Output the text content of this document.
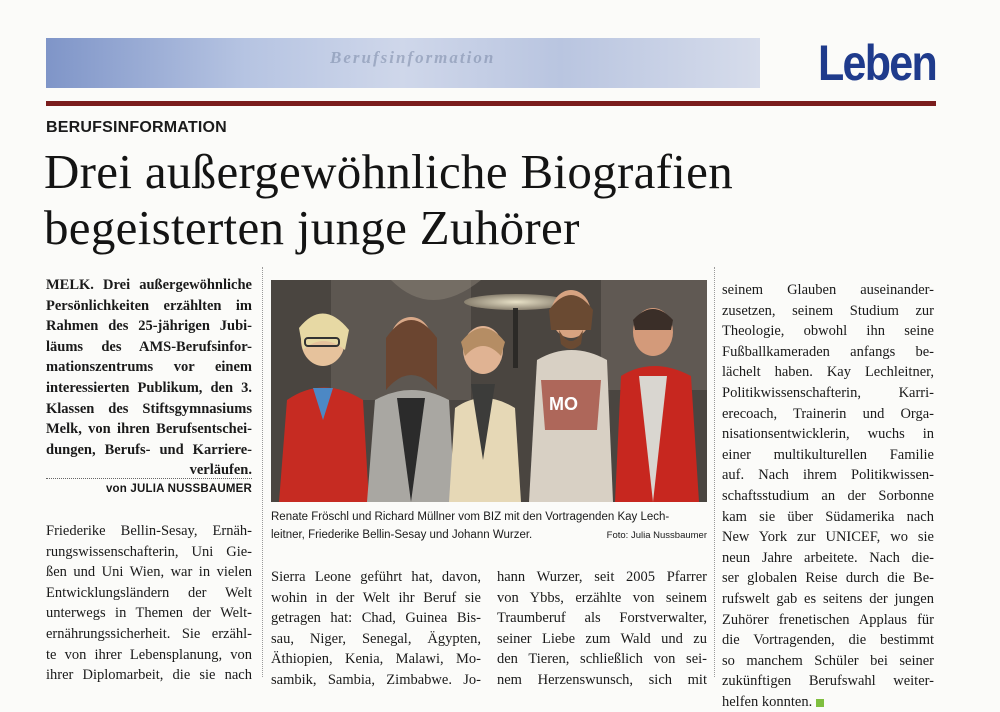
Berufsinformation	Leben
BERUFSINFORMATION
Drei außergewöhnliche Biografien
begeisterten junge Zuhörer
MELK. Drei außergewöhnliche
Persönlichkeiten erzählten im
Rahmen des 25-jährigen Jubi-
läums des AMS-Berufsinfor-
mationszentrums vor einem
interessierten Publikum, den 3.
Klassen des Stiftsgymnasiums
Melk, von ihren Berufsentschei-
dungen, Berufs- und Karriere-
verläufen.
von JULIA NUSSBAUMER
Friederike Bellin-Sesay, Ernäh-
rungswissenschafterin, Uni Gie-
ßen und Uni Wien, war in vielen
Entwicklungsländern der Welt
unterwegs in Themen der Welt-
ernährungssicherheit. Sie erzähl-
te von ihrer Lebensplanung, von
ihrer Diplomarbeit, die sie nach
MO
Renate Fröschl und Richard Müllner vom BIZ mit den Vortragenden Kay Lech-
leitner, Friederike Bellin-Sesay und Johann Wurzer.	Foto: Julia Nussbaumer
Sierra Leone geführt hat, davon,
wohin in der Welt ihr Beruf sie
getragen hat: Chad, Guinea Bis-
sau, Niger, Senegal, Ägypten,
Äthiopien, Kenia, Malawi, Mo-
sambik, Sambia, Zimbabwe. Jo-
hann Wurzer, seit 2005 Pfarrer
von Ybbs, erzählte von seinem
Traumberuf als Forstverwalter,
seiner Liebe zum Wald und zu
den Tieren, schließlich von sei-
nem Herzenswunsch, sich mit
seinem Glauben auseinander-
zusetzen, seinem Studium zur
Theologie, obwohl ihn seine
Fußballkameraden anfangs be-
lächelt haben. Kay Lechleitner,
Politikwissenschafterin, Karri-
erecoach, Trainerin und Orga-
nisationsentwicklerin, wuchs in
einer multikulturellen Familie
auf. Nach ihrem Politikwissen-
schaftsstudium an der Sorbonne
kam sie über Südamerika nach
New York zur UNICEF, wo sie
neun Jahre arbeitete. Nach die-
ser globalen Reise durch die Be-
rufswelt gab es seitens der jungen
Zuhörer frenetischen Applaus für
die Vortragenden, die bestimmt
so manchem Schüler bei seiner
zukünftigen Berufswahl weiter-
helfen konnten.
